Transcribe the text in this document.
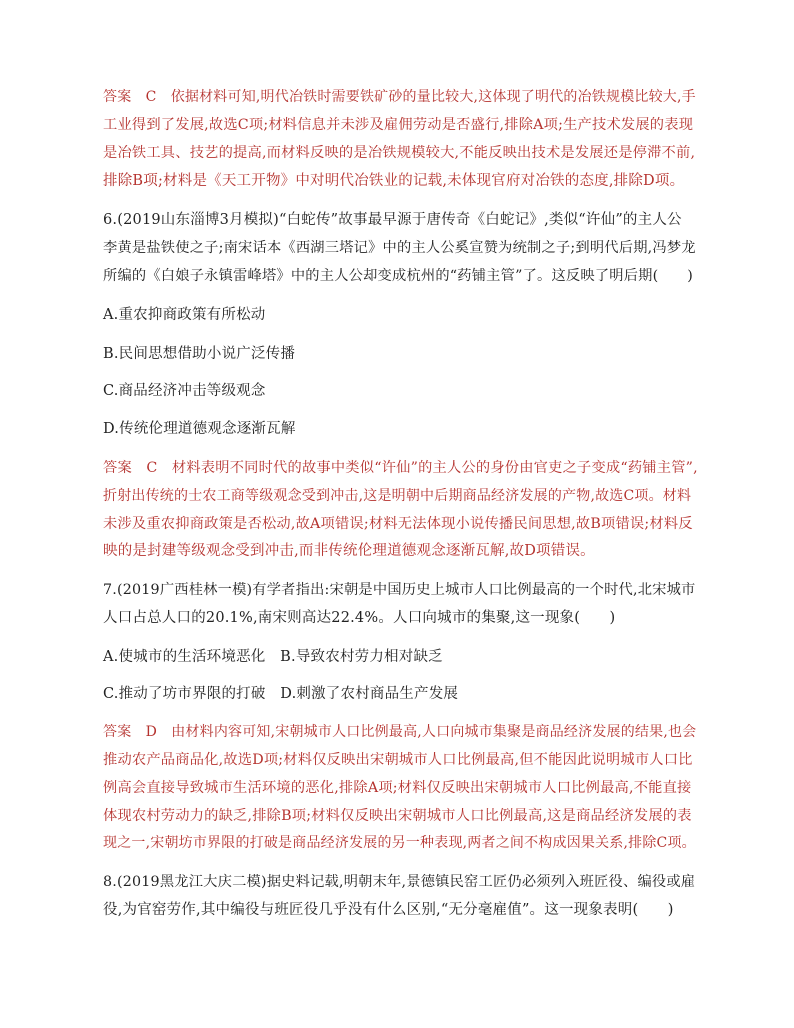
答案　C　依据材料可知,明代冶铁时需要铁矿砂的量比较大,这体现了明代的冶铁规模比较大,手
工业得到了发展,故选C项;材料信息并未涉及雇佣劳动是否盛行,排除A项;生产技术发展的表现
是冶铁工具、技艺的提高,而材料反映的是冶铁规模较大,不能反映出技术是发展还是停滞不前,
排除B项;材料是《天工开物》中对明代冶铁业的记载,未体现官府对冶铁的态度,排除D项。
6.(2019山东淄博3月模拟)“白蛇传”故事最早源于唐传奇《白蛇记》,类似“许仙”的主人公
李黄是盐铁使之子;南宋话本《西湖三塔记》中的主人公奚宣赞为统制之子;到明代后期,冯梦龙
所编的《白娘子永镇雷峰塔》中的主人公却变成杭州的“药铺主管”了。这反映了明后期(　　)
A.重农抑商政策有所松动
B.民间思想借助小说广泛传播
C.商品经济冲击等级观念
D.传统伦理道德观念逐渐瓦解
答案　C　材料表明不同时代的故事中类似“许仙”的主人公的身份由官吏之子变成“药铺主管”,
折射出传统的士农工商等级观念受到冲击,这是明朝中后期商品经济发展的产物,故选C项。材料
未涉及重农抑商政策是否松动,故A项错误;材料无法体现小说传播民间思想,故B项错误;材料反
映的是封建等级观念受到冲击,而非传统伦理道德观念逐渐瓦解,故D项错误。
7.(2019广西桂林一模)有学者指出:宋朝是中国历史上城市人口比例最高的一个时代,北宋城市
人口占总人口的20.1%,南宋则高达22.4%。人口向城市的集聚,这一现象(　　)
A.使城市的生活环境恶化　B.导致农村劳力相对缺乏
C.推动了坊市界限的打破　D.刺激了农村商品生产发展
答案　D　由材料内容可知,宋朝城市人口比例最高,人口向城市集聚是商品经济发展的结果,也会
推动农产品商品化,故选D项;材料仅反映出宋朝城市人口比例最高,但不能因此说明城市人口比
例高会直接导致城市生活环境的恶化,排除A项;材料仅反映出宋朝城市人口比例最高,不能直接
体现农村劳动力的缺乏,排除B项;材料仅反映出宋朝城市人口比例最高,这是商品经济发展的表
现之一,宋朝坊市界限的打破是商品经济发展的另一种表现,两者之间不构成因果关系,排除C项。
8.(2019黑龙江大庆二模)据史料记载,明朝末年,景德镇民窑工匠仍必须列入班匠役、编役或雇
役,为官窑劳作,其中编役与班匠役几乎没有什么区别,“无分毫雇值”。这一现象表明(　　)
